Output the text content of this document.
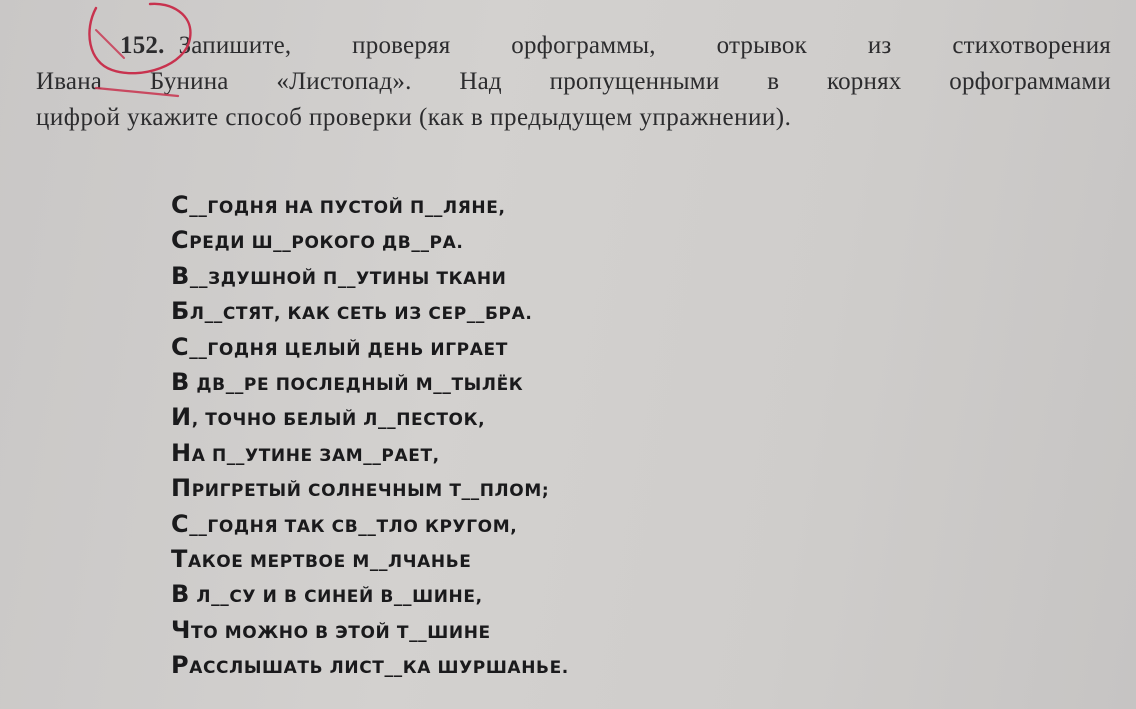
152. Запишите, проверяя орфограммы, отрывок из стихотворения
Ивана Бунина «Листопад». Над пропущенными в корнях орфограммами
цифрой укажите способ проверки (как в предыдущем упражнении).
С__ГОДНЯ НА ПУСТОЙ П__ЛЯНЕ,
СРЕДИ Ш__РОКОГО ДВ__РА.
В__ЗДУШНОЙ П__УТИНЫ ТКАНИ
БЛ__СТЯТ, КАК СЕТЬ ИЗ СЕР__БРА.
С__ГОДНЯ ЦЕЛЫЙ ДЕНЬ ИГРАЕТ
В ДВ__РЕ ПОСЛЕДНЫЙ М__ТЫЛЁК
И, ТОЧНО БЕЛЫЙ Л__ПЕСТОК,
НА П__УТИНЕ ЗАМ__РАЕТ,
ПРИГРЕТЫЙ СОЛНЕЧНЫМ Т__ПЛОМ;
С__ГОДНЯ ТАК СВ__ТЛО КРУГОМ,
ТАКОЕ МЕРТВОЕ М__ЛЧАНЬЕ
В Л__СУ И В СИНЕЙ В__ШИНЕ,
ЧТО МОЖНО В ЭТОЙ Т__ШИНЕ
РАССЛЫШАТЬ ЛИСТ__КА ШУРШАНЬЕ.
